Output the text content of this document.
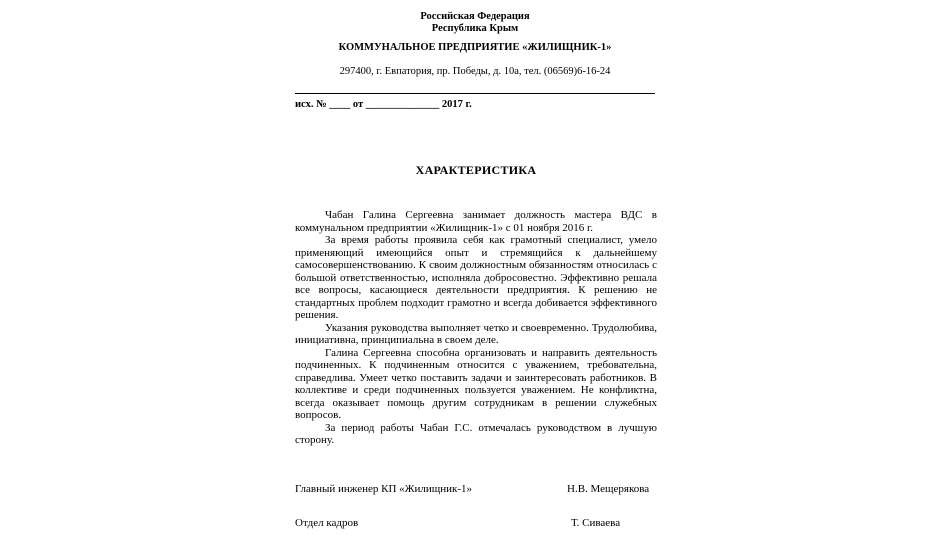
Российская Федерация
Республика Крым
КОММУНАЛЬНОЕ ПРЕДПРИЯТИЕ «ЖИЛИЩНИК-1»
297400, г. Евпатория, пр. Победы, д. 10а, тел. (06569)6-16-24
исх. № ____ от ______________ 2017 г.
ХАРАКТЕРИСТИКА

Чабан Галина Сергеевна занимает должность мастера ВДС в коммунальном предприятии «Жилищник-1» с 01 ноября 2016 г.

За время работы проявила себя как грамотный специалист, умело применяющий имеющийся опыт и стремящийся к дальнейшему самосовершенствованию. К своим должностным обязанностям относилась с большой ответственностью, исполняла добросовестно. Эффективно решала все вопросы, касающиеся деятельности предприятия. К решению не стандартных проблем подходит грамотно и всегда добивается эффективного решения.

Указания руководства выполняет четко и своевременно. Трудолюбива, инициативна, принципиальна в своем деле.

Галина Сергеевна способна организовать и направить деятельность подчиненных. К подчиненным относится с уважением, требовательна, справедлива. Умеет четко поставить задачи и заинтересовать работников. В коллективе и среди подчиненных пользуется уважением. Не конфликтна, всегда оказывает помощь другим сотрудникам в решении служебных вопросов.

За период работы Чабан Г.С. отмечалась руководством в лучшую сторону.

Главный инженер КП «Жилищник-1»	Н.В. Мещерякова
Отдел кадров	Т. Сиваева
